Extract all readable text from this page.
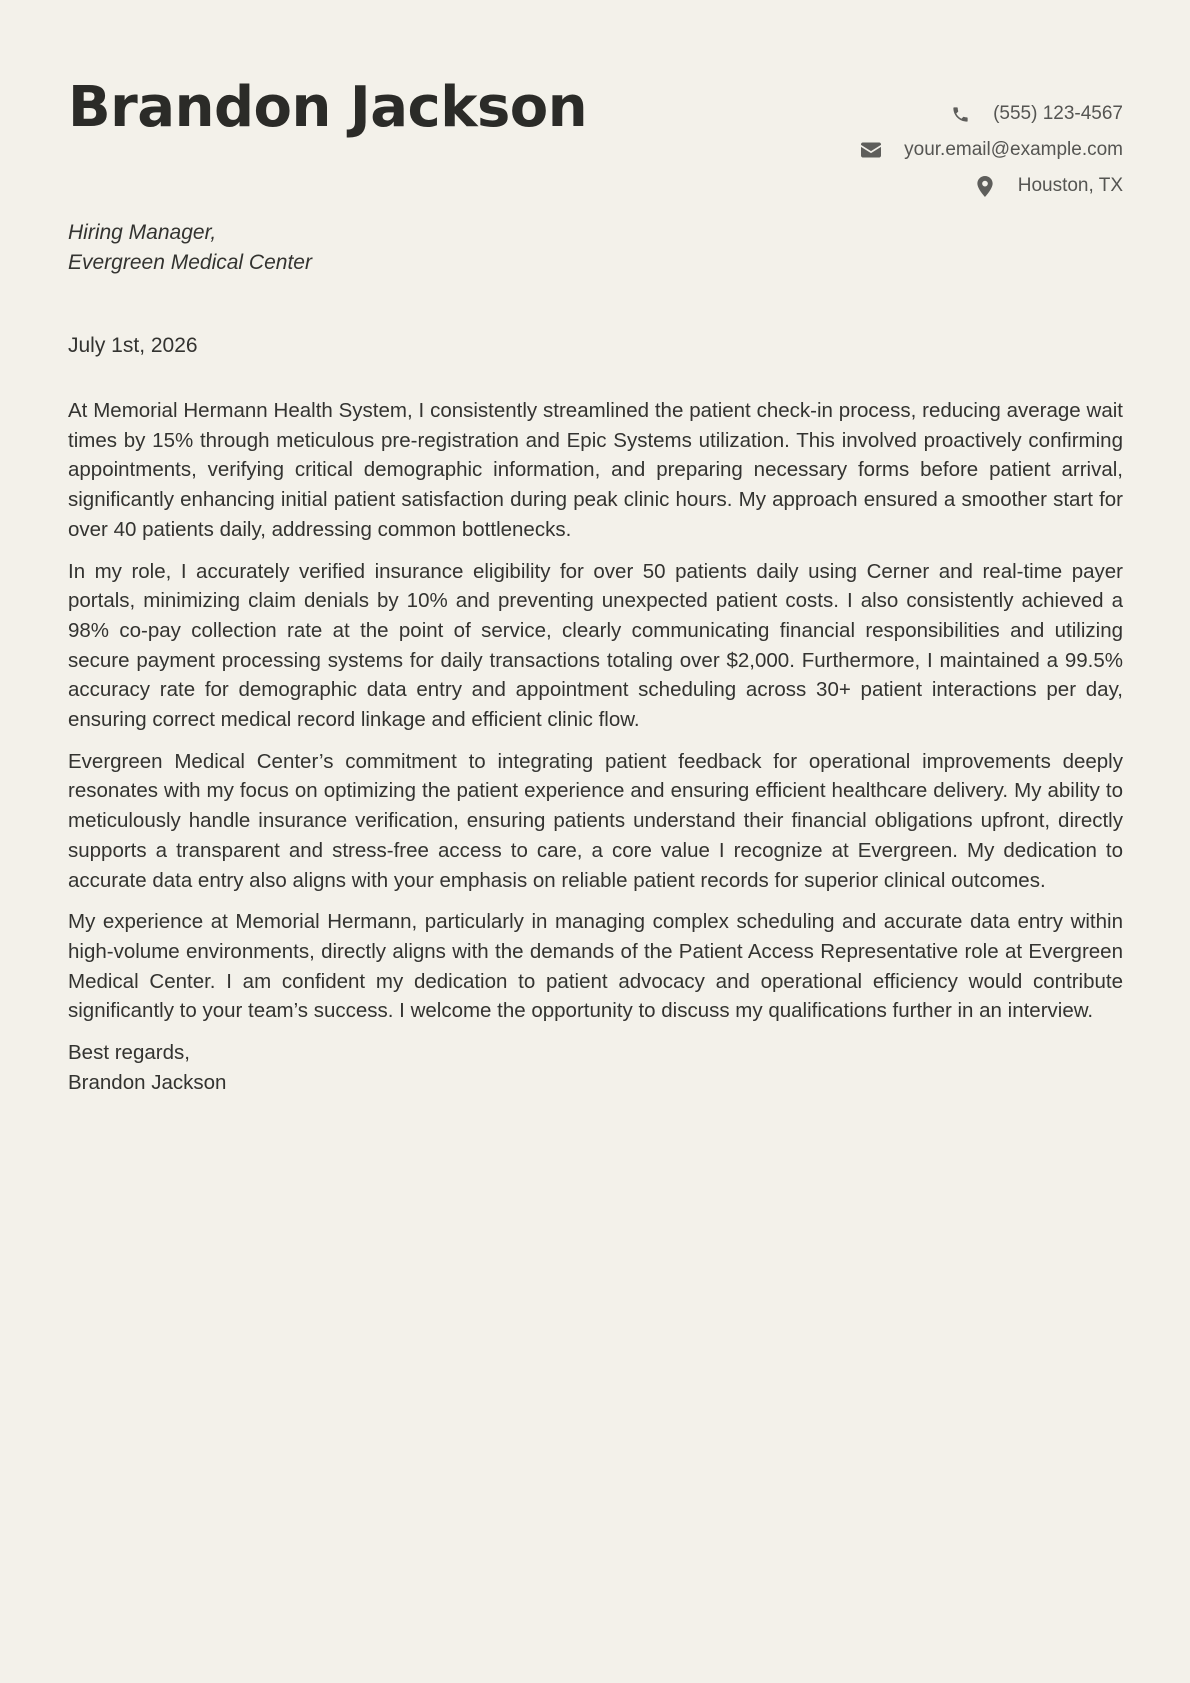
Brandon Jackson	(555) 123-4567
your.email@example.com
Houston, TX
Hiring Manager,
Evergreen Medical Center
July 1st, 2026

At Memorial Hermann Health System, I consistently streamlined the patient check-in process, reducing average wait times by 15% through meticulous pre-registration and Epic Systems utilization. This involved proactively confirming appointments, verifying critical demographic information, and preparing necessary forms before patient arrival, significantly enhancing initial patient satisfaction during peak clinic hours. My approach ensured a smoother start for over 40 patients daily, addressing common bottlenecks.

In my role, I accurately verified insurance eligibility for over 50 patients daily using Cerner and real-time payer portals, minimizing claim denials by 10% and preventing unexpected patient costs. I also consistently achieved a 98% co-pay collection rate at the point of service, clearly communicating financial responsibilities and utilizing secure payment processing systems for daily transactions totaling over $2,000. Furthermore, I maintained a 99.5% accuracy rate for demographic data entry and appointment scheduling across 30+ patient interactions per day, ensuring correct medical record linkage and efficient clinic flow.

Evergreen Medical Center’s commitment to integrating patient feedback for operational improvements deeply resonates with my focus on optimizing the patient experience and ensuring efficient healthcare delivery. My ability to meticulously handle insurance verification, ensuring patients understand their financial obligations upfront, directly supports a transparent and stress-free access to care, a core value I recognize at Evergreen. My dedication to accurate data entry also aligns with your emphasis on reliable patient records for superior clinical outcomes.

My experience at Memorial Hermann, particularly in managing complex scheduling and accurate data entry within high-volume environments, directly aligns with the demands of the Patient Access Representative role at Evergreen Medical Center. I am confident my dedication to patient advocacy and operational efficiency would contribute significantly to your team’s success. I welcome the opportunity to discuss my qualifications further in an interview.

Best regards,
Brandon Jackson
